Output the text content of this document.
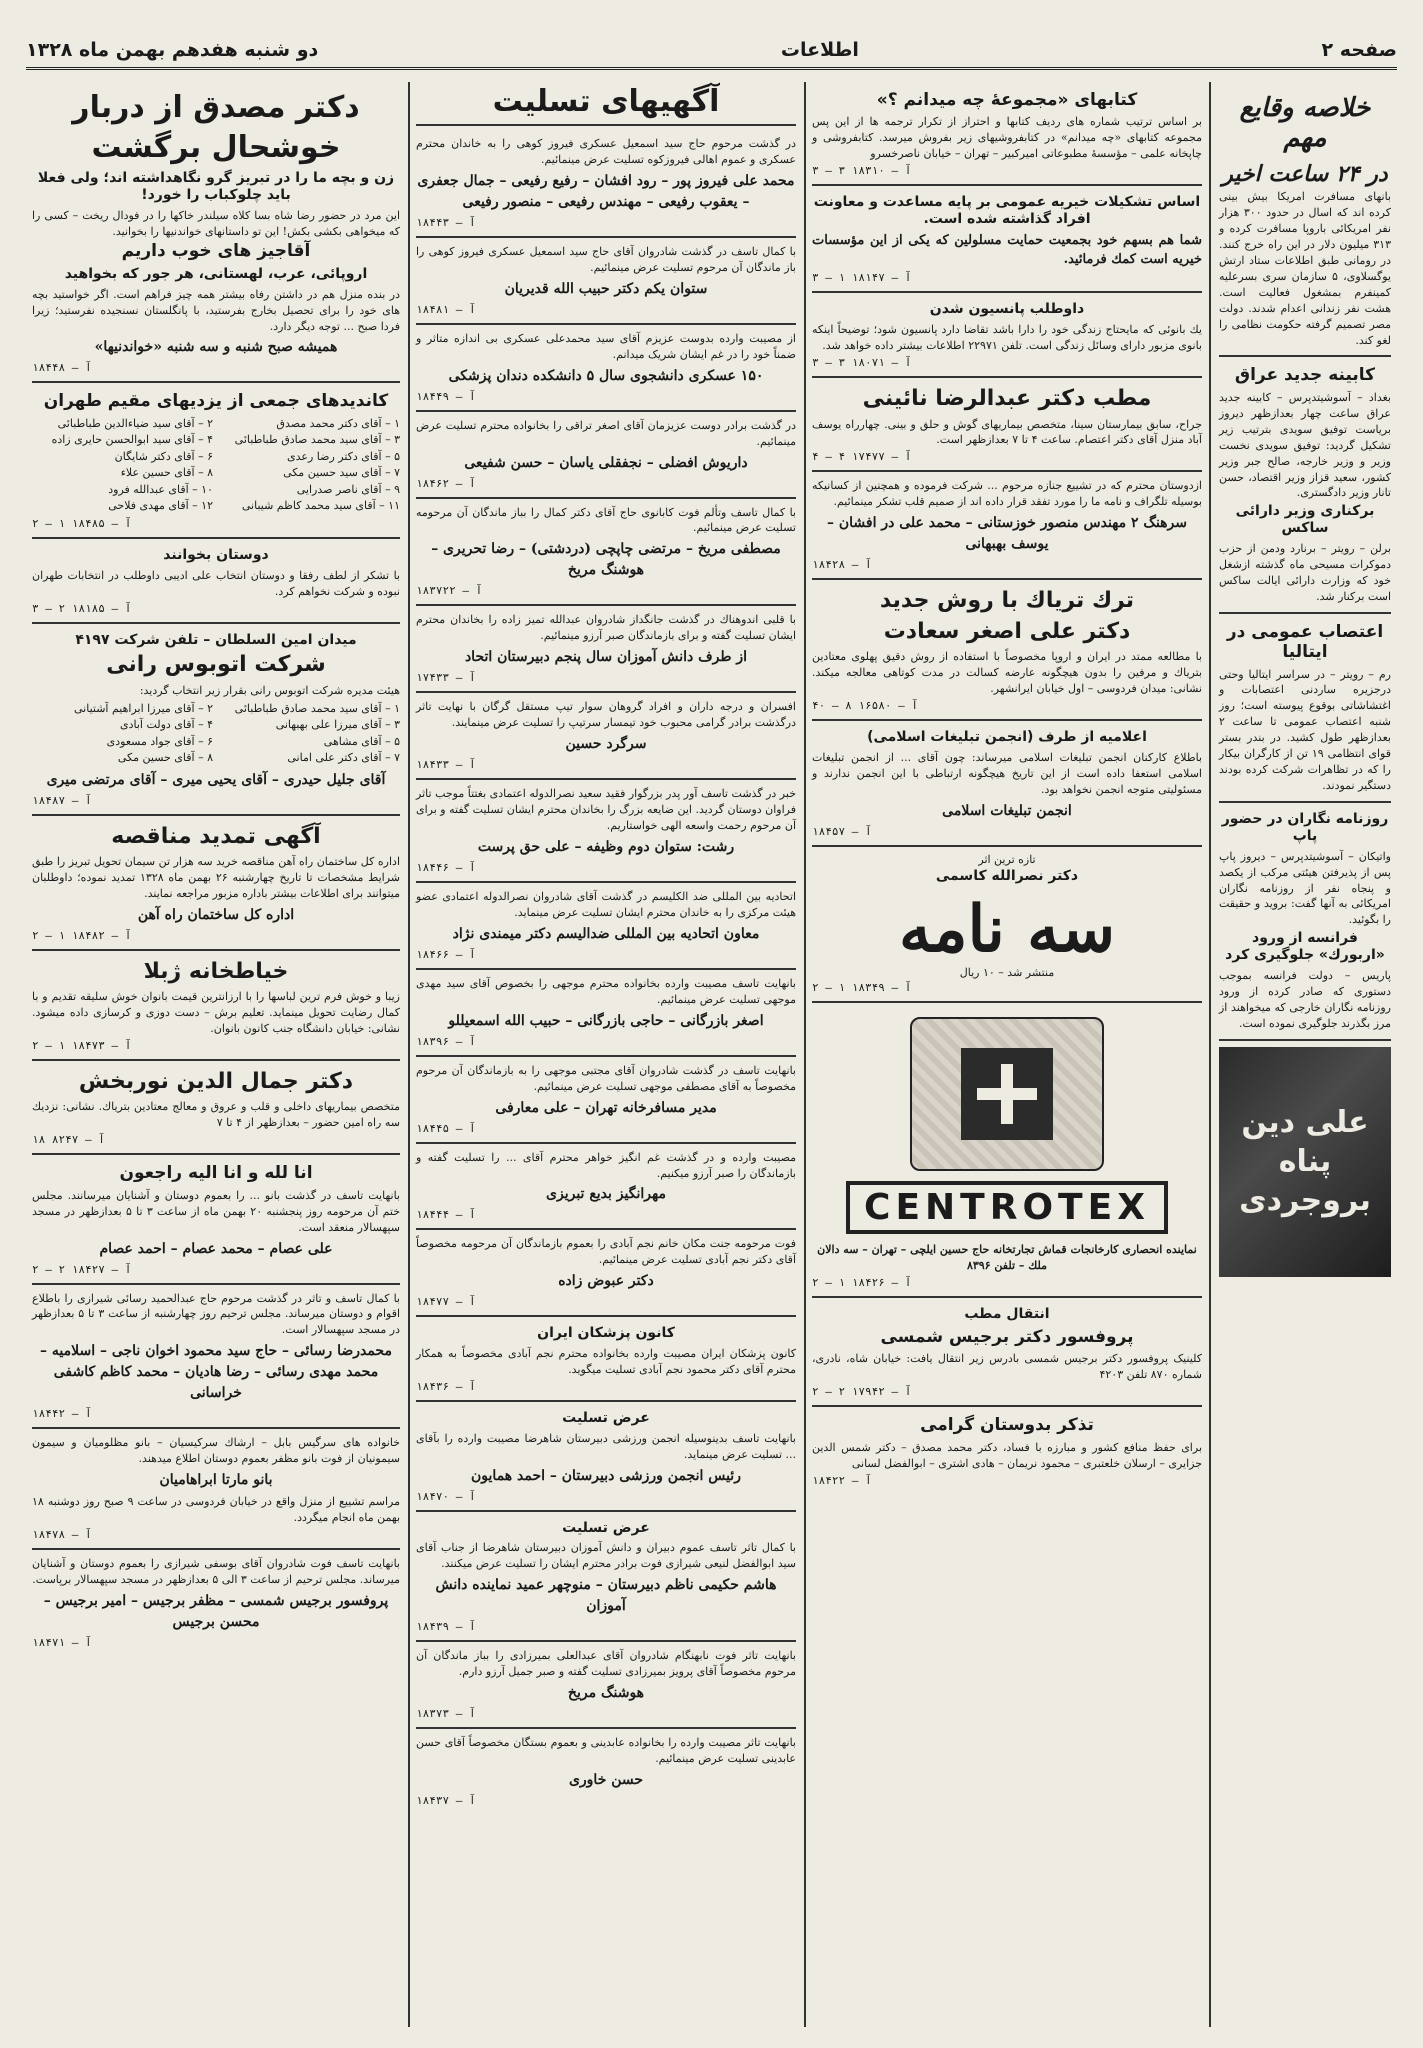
صفحه ۲
اطلاعات
دو شنبه هفدهم بهمن ماه ۱۳۲۸
خلاصه وقایع مهم
در ۲۴ ساعت اخیر

بانهای مسافرت امریکا بیش بینی کرده اند که اسال در حدود ۳۰۰ هزار نفر امریکائی باروپا مسافرت کرده و ۳۱۳ میلیون دلار در این راه خرج کنند. در رومانی طبق اطلاعات ستاد ارتش یوگسلاوی، ۵ سازمان سری بسرعلیه کمینفرم بمشغول فعالیت است. هشت نفر زندانی اعدام شدند. دولت مصر تصمیم گرفته حکومت نظامی را لغو کند.

کابینه جدید عراق

بغداد – آسوشیتدپرس – کابینه جدید عراق ساعت چهار بعدازظهر دیروز بریاست توفیق سویدی بترتیب زیر تشکیل گردید: توفیق سویدی نخست وزیر و وزیر خارجه، صالح جبر وزیر کشور، سعید قزاز وزیر اقتصاد، حسن تانار وزیر دادگستری.

برکناری وزیر دارائی ساکس

برلن – رویتر – برنارد ودمن از حزب دموکرات مسیحی ماه گذشته ازشغل خود که وزارت دارائی ایالت ساکس است برکنار شد.

اعتصاب عمومی در ایتالیا

رم – رویتر – در سراسر ایتالیا وحتی درجزیره ساردنی اعتصابات و اغتشاشاتی بوقوع پیوسته است؛ روز شنبه اعتصاب عمومی تا ساعت ۲ بعدازظهر طول کشید. در بندر بستر قوای انتظامی ۱۹ تن از کارگران بیکار را که در تظاهرات شرکت کرده بودند دستگیر نمودند.

روزنامه نگاران در حضور پاپ

واتیکان – آسوشیتدپرس – دیروز پاپ پس از پذیرفتن هیئتی مرکب از یکصد و پنجاه نفر از روزنامه نگاران امریکائی به آنها گفت: بروید و حقیقت را بگوئید.

فرانسه از ورود «اربورك» جلوگیری کرد

پاریس – دولت فرانسه بموجب دستوری که صادر کرده از ورود روزنامه نگاران خارجی که میخواهند از مرز بگذرند جلوگیری نموده است.

علی دین پناه بروجردی
کتابهای «مجموعهٔ چه میدانم ؟»

بر اساس ترتیب شماره های ردیف کتابها و احتراز از تکرار ترجمه ها از این پس مجموعه کتابهای «چه میدانم» در کتابفروشیهای زیر بفروش میرسد. کتابفروشی و چاپخانه علمی – مؤسسهٔ مطبوعاتی امیرکبیر – تهران – خیابان ناصرخسرو

آ – ۱۸۳۱۰ ۳ – ۳
اساس تشکیلات خیریه عمومی بر پایه مساعدت و معاونت افراد گذاشته شده است.

شما هم بسهم خود بجمعیت حمایت مسلولین که یکی از این مؤسسات خیریه است کمك فرمائید.

آ – ۱۸۱۴۷ ۱ – ۳
داوطلب پانسیون شدن

یك بانوئی که مایحتاج زندگی خود را دارا باشد تقاضا دارد پانسیون شود؛ توضیحاً اینکه بانوی مزبور دارای وسائل زندگی است. تلفن ۲۲۹۷۱ اطلاعات بیشتر داده خواهد شد.

آ – ۱۸۰۷۱ ۳ – ۳
مطب دکتر عبدالرضا نائینی

جراح، سابق بیمارستان سینا، متخصص بیماریهای گوش و حلق و بینی. چهارراه یوسف آباد منزل آقای دکتر اعتصام. ساعت ۴ تا ۷ بعدازظهر است.

آ – ۱۷۴۷۷ ۴ – ۴

ازدوستان محترم که در تشییع جنازه مرحوم ... شرکت فرموده و همچنین از کسانیکه بوسیله تلگراف و نامه ما را مورد تفقد قرار داده اند از صمیم قلب تشکر مینمائیم.

سرهنگ ۲ مهندس منصور خوزستانی – محمد علی در افشان – یوسف بهبهانی
آ – ۱۸۴۲۸
ترك تریاك با روش جدید
دکتر علی اصغر سعادت

با مطالعه ممتد در ایران و اروپا مخصوصاً با استفاده از روش دقیق پهلوی معتادین بتریاك و مرفین را بدون هیچگونه عارضه کسالت در مدت کوتاهی معالجه میکند. نشانی: میدان فردوسی – اول خیابان ایرانشهر.

آ – ۱۶۵۸۰ ۸ – ۴۰
اعلامیه از طرف (انجمن تبلیغات اسلامی)

باطلاع کارکنان انجمن تبلیغات اسلامی میرساند: چون آقای ... از انجمن تبلیغات اسلامی استعفا داده است از این تاریخ هیچگونه ارتباطی با این انجمن ندارند و مسئولیتی متوجه انجمن نخواهد بود.

انجمن تبلیغات اسلامی
آ – ۱۸۴۵۷
تازه ترین اثر
دکتر نصرالله کاسمی
سه نامه
منتشر شد – ۱۰ ریال
آ – ۱۸۳۴۹ ۱ – ۲
CENTROTEX

نماینده انحصاری کارخانجات قماش تجارتخانه حاج حسین ایلچی – تهران – سه دالان ملك – تلفن ۸۳۹۶

آ – ۱۸۴۲۶ ۱ – ۲
انتقال مطب
پروفسور دکتر برجیس شمسی

کلینیک پروفسور دکتر برجیس شمسی بادرس زیر انتقال یافت: خیابان شاه، نادری، شماره ۸۷۰ تلفن ۴۲۰۳

آ – ۱۷۹۴۲ ۲ – ۲
تذکر بدوستان گرامی

برای حفظ منافع کشور و مبارزه با فساد، دکتر محمد مصدق – دکتر شمس الدین جزایری – ارسلان خلعتبری – محمود نریمان – هادی اشتری – ابوالفضل لسانی

آ – ۱۸۴۲۲
آگهیهای تسلیت

در گذشت مرحوم حاج سید اسمعیل عسکری فیروز کوهی را به خاندان محترم عسکری و عموم اهالی فیروزکوه تسلیت عرض مینمائیم.

محمد علی فیروز پور – رود افشان – رفیع رفیعی – جمال جعفری – یعقوب رفیعی – مهندس رفیعی – منصور رفیعی
آ – ۱۸۴۴۳

با کمال تاسف در گذشت شادروان آقای حاج سید اسمعیل عسکری فیروز کوهی را باز ماندگان آن مرحوم تسلیت عرض مینمائیم.

ستوان یکم دکتر حبیب الله قدیریان
آ – ۱۸۴۸۱

از مصیبت وارده بدوست عزیزم آقای سید محمدعلی عسکری بی اندازه متاثر و ضمناً خود را در غم ایشان شریک میدانم.

۱۵۰ عسکری دانشجوی سال ۵ دانشکده دندان پزشکی
آ – ۱۸۴۴۹

در گذشت برادر دوست عزیزمان آقای اصغر تراقی را بخانواده محترم تسلیت عرض مینمائیم.

داریوش افضلی – نجفقلی یاسان – حسن شفیعی
آ – ۱۸۴۶۲

با کمال تاسف وتألم فوت کابانوی حاج آقای دکتر کمال را بباز ماندگان آن مرحومه تسلیت عرض مینمائیم.

مصطفی مریخ – مرتضی چاپچی (دردشتی) – رضا تحریری – هوشنگ مریخ
آ – ۱۸۳۷۲۲

با قلبی اندوهناك در گذشت جانگداز شادروان عبدالله تمیز زاده را بخاندان محترم ایشان تسلیت گفته و برای بازماندگان صبر آرزو مینمائیم.

از طرف دانش آموزان سال پنجم دبیرستان اتحاد
آ – ۱۷۴۳۳

افسران و درجه داران و افراد گروهان سوار تیپ مستقل گرگان با نهایت تاثر درگذشت برادر گرامی محبوب خود تیمسار سرتیپ را تسلیت عرض مینمایند.

سرگرد حسین
آ – ۱۸۴۳۳

خبر در گذشت تاسف آور پدر بزرگوار فقید سعید نصرالدوله اعتمادی بغتتاً موجب تاثر فراوان دوستان گردید. این ضایعه بزرگ را بخاندان محترم ایشان تسلیت گفته و برای آن مرحوم رحمت واسعه الهی خواستاریم.

رشت: ستوان دوم وظیفه – علی حق پرست
آ – ۱۸۴۴۶

اتحادیه بین المللی ضد الکلیسم در گذشت آقای شادروان نصرالدوله اعتمادی عضو هیئت مرکزی را به خاندان محترم ایشان تسلیت عرض مینماید.

معاون اتحادیه بین المللی ضدالیسم دکتر میمندی نژاد
آ – ۱۸۴۶۶

بانهایت تاسف مصیبت وارده بخانواده محترم موجهی را بخصوص آقای سید مهدی موجهی تسلیت عرض مینمائیم.

اصغر بازرگانی – حاجی بازرگانی – حبیب الله اسمعیللو
آ – ۱۸۳۹۶

بانهایت تاسف در گذشت شادروان آقای مجتبی موجهی را به بازماندگان آن مرحوم مخصوصاً به آقای مصطفی موجهی تسلیت عرض مینمائیم.

مدیر مسافرخانه تهران – علی معارفی
آ – ۱۸۴۴۵

مصیبت وارده و در گذشت غم انگیز خواهر محترم آقای ... را تسلیت گفته و بازماندگان را صبر آرزو میکنیم.

مهرانگیز بدیع تبریزی
آ – ۱۸۴۴۴

فوت مرحومه جنت مکان خانم نجم آبادی را بعموم بازماندگان آن مرحومه مخصوصاً آقای دکتر نجم آبادی تسلیت عرض مینمائیم.

دکتر عبوض زاده
آ – ۱۸۴۷۷
کانون پزشکان ایران

کانون پزشکان ایران مصیبت وارده بخانواده محترم نجم آبادی مخصوصاً به همکار محترم آقای دکتر محمود نجم آبادی تسلیت میگوید.

آ – ۱۸۴۳۶
عرض تسلیت

بانهایت تاسف بدینوسیله انجمن ورزشی دبیرستان شاهرضا مصیبت وارده را بآقای ... تسلیت عرض مینماید.

رئیس انجمن ورزشی دبیرستان – احمد همایون
آ – ۱۸۴۷۰
عرض تسلیت

با کمال تاثر تاسف عموم دبیران و دانش آموزان دبیرستان شاهرضا از جناب آقای سید ابوالفضل لنیعی شیرازی فوت برادر محترم ایشان را تسلیت عرض میکنند.

هاشم حکیمی ناظم دبیرستان – منوچهر عمید نماینده دانش آموزان
آ – ۱۸۴۳۹

بانهایت تاثر فوت نابهنگام شادروان آقای عبدالعلی بمیرزادی را بباز ماندگان آن مرحوم مخصوصاً آقای پرویز بمیرزادی تسلیت گفته و صبر جمیل آرزو دارم.

هوشنگ مریخ
آ – ۱۸۳۷۳

بانهایت تاثر مصیبت وارده را بخانواده عابدینی و بعموم بستگان مخصوصاً آقای حسن عابدینی تسلیت عرض مینمائیم.

حسن خاوری
آ – ۱۸۴۳۷
دکتر مصدق از دربار
خوشحال برگشت
زن و بچه ما را در تبریز گرو نگاهداشته اند؛ ولی فعلا باید چلوکباب را خورد!

این مرد در حضور رضا شاه بسا کلاه سیلندر خاکها را در فودال ریخت – کسی را که میخواهی بکشی بکش! این تو داستانهای خواندنیها را بخوانید.

آقاجیز های خوب داریم
اروپائی، عرب، لهستانی، هر جور که بخواهید

در بنده منزل هم در داشتن رفاه بیشتر همه چیز فراهم است. اگر خواستید بچه های خود را برای تحصیل بخارج بفرستید، با پانگلستان نسنجیده نفرستید؛ زیرا فردا صبح ... توجه دیگر دارد.

همیشه صبح شنبه و سه شنبه «خواندنیها»
آ – ۱۸۴۴۸
کاندیدهای جمعی از یزدیهای مقیم طهران
۱ – آقای دکتر محمد مصدق
۲ – آقای سید ضیاءالدین طباطبائی
۳ – آقای سید محمد صادق طباطبائی
۴ – آقای سید ابوالحسن حایری زاده
۵ – آقای دکتر رضا رعدی
۶ – آقای دکتر شایگان
۷ – آقای سید حسین مکی
۸ – آقای حسین علاء
۹ – آقای ناصر صدرایی
۱۰ – آقای عبدالله فرود
۱۱ – آقای سید محمد کاظم شیبانی
۱۲ – آقای مهدی فلاحی
آ – ۱۸۴۸۵ ۱ – ۲
دوستان بخوانند

با تشکر از لطف رفقا و دوستان انتخاب علی ادیبی داوطلب در انتخابات طهران نبوده و شرکت نخواهم کرد.

آ – ۱۸۱۸۵ ۲ – ۳
میدان امین السلطان – تلفن شرکت ۴۱۹۷
شرکت اتوبوس رانی

هیئت مدیره شرکت اتوبوس رانی بقرار زیر انتخاب گردید:

۱ – آقای سید محمد صادق طباطبائی
۲ – آقای میرزا ابراهیم آشتیانی
۳ – آقای میرزا علی بهبهانی
۴ – آقای دولت آبادی
۵ – آقای مشاهی
۶ – آقای جواد مسعودی
۷ – آقای دکتر علی امانی
۸ – آقای حسین مکی
آقای جلیل حیدری – آقای یحیی میری – آقای مرتضی میری
آ – ۱۸۴۸۷
آگهی تمدید مناقصه

اداره کل ساختمان راه آهن مناقصه خرید سه هزار تن سیمان تحویل تبریز را طبق شرایط مشخصات تا تاریخ چهارشنبه ۲۶ بهمن ماه ۱۳۲۸ تمدید نموده؛ داوطلبان میتوانند برای اطلاعات بیشتر باداره مزبور مراجعه نمایند.

اداره کل ساختمان راه آهن
آ – ۱۸۴۸۲ ۱ – ۲
خیاطخانه ژبلا

زیبا و خوش فرم ترین لباسها را با ارزانترین قیمت بانوان خوش سلیقه تقدیم و با کمال رضایت تحویل مینماید. تعلیم برش – دست دوزی و کرسازی داده میشود. نشانی: خیابان دانشگاه جنب کانون بانوان.

آ – ۱۸۴۷۳ ۱ – ۲
دکتر جمال الدین نوربخش

متخصص بیماریهای داخلی و قلب و عروق و معالج معتادین بتریاك. نشانی: نزدیك سه راه امین حضور – بعدازظهر از ۴ تا ۷

آ – ۸۲۴۷ ۱۸
انا لله و انا الیه راجعون

بانهایت تاسف در گذشت بانو ... را بعموم دوستان و آشنایان میرسانند. مجلس ختم آن مرحومه روز پنجشنبه ۲۰ بهمن ماه از ساعت ۳ تا ۵ بعدازظهر در مسجد سپهسالار منعقد است.

علی عصام – محمد عصام – احمد عصام
آ – ۱۸۴۲۷ ۲ – ۲

با کمال تاسف و تاثر در گذشت مرحوم حاج عبدالحمید رسائی شیرازی را باطلاع اقوام و دوستان میرساند. مجلس ترحیم روز چهارشنبه از ساعت ۳ تا ۵ بعدازظهر در مسجد سپهسالار است.

محمدرضا رسائی – حاج سید محمود اخوان ناجی – اسلامیه – محمد مهدی رسائی – رضا هادیان – محمد کاظم کاشفی خراسانی
آ – ۱۸۴۴۲

خانواده های سرگیس بابل – ارشاك سرکیسیان – بانو مظلومیان و سیمون سیمونیان از فوت بانو مظفر بعموم دوستان اطلاع میدهند.

بانو مارتا ابراهامیان

مراسم تشییع از منزل واقع در خیابان فردوسی در ساعت ۹ صبح روز دوشنبه ۱۸ بهمن ماه انجام میگردد.

آ – ۱۸۴۷۸

بانهایت تاسف فوت شادروان آقای بوسفی شیرازی را بعموم دوستان و آشنایان میرساند. مجلس ترحیم از ساعت ۳ الی ۵ بعدازظهر در مسجد سپهسالار برپاست.

پروفسور برجیس شمسی – مظفر برجیس – امیر برجیس – محسن برجیس
آ – ۱۸۴۷۱
